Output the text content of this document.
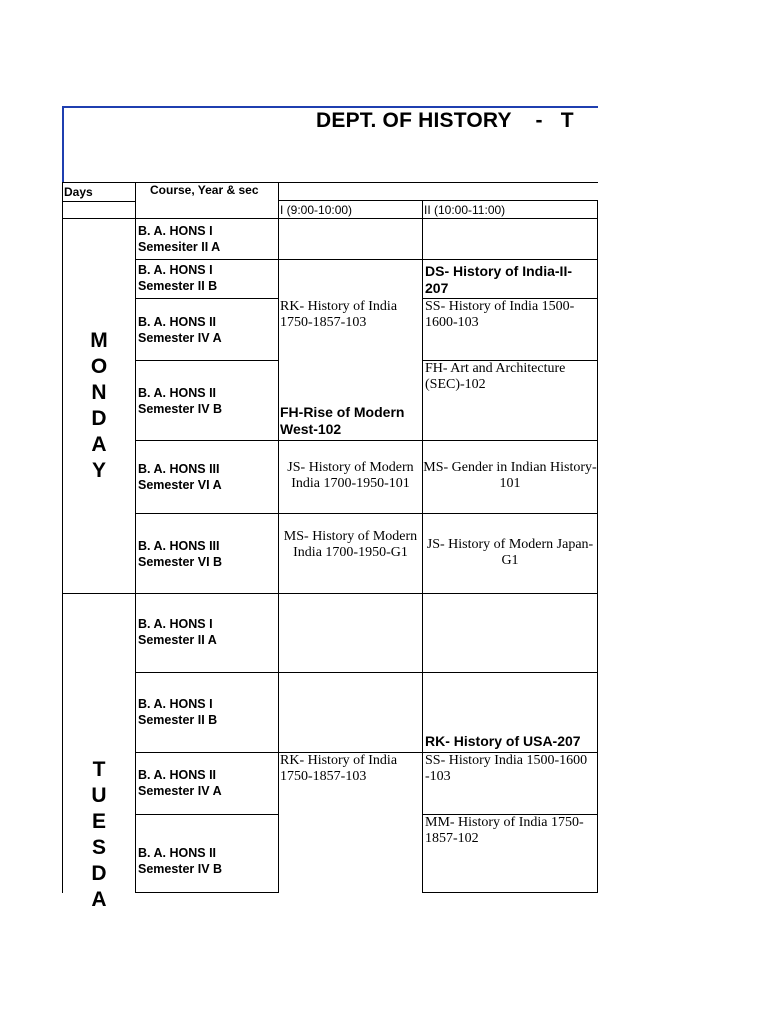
DEPT. OF HISTORY    -   T
Days	Course, Year & sec
I (9:00-10:00)	II (10:00-11:00)
M
O
N
D
A
Y
T
U
E
S
D
A
B. A. HONS I
Semesiter II A
B. A. HONS I
Semester II B
B. A. HONS II
Semester IV A
B. A. HONS II
Semester IV B
B. A. HONS III
Semester VI A
B. A. HONS III
Semester VI B
DS- History of India-II-207
RK- History of India 1750-1857-103
SS- History of India 1500-1600-103
FH-Rise of Modern West-102
FH- Art and Architecture (SEC)-102
JS- History of Modern India 1700-1950-101
MS- Gender in Indian History-101
MS- History of Modern India 1700-1950-G1
JS- History of Modern Japan-G1
B. A. HONS I
Semester II A
B. A. HONS I
Semester II B
B. A. HONS II
Semester IV A
B. A. HONS II
Semester IV B
RK- History of USA-207
RK- History of India 1750-1857-103
SS- History India 1500-1600 -103
MM- History of India 1750-1857-102
